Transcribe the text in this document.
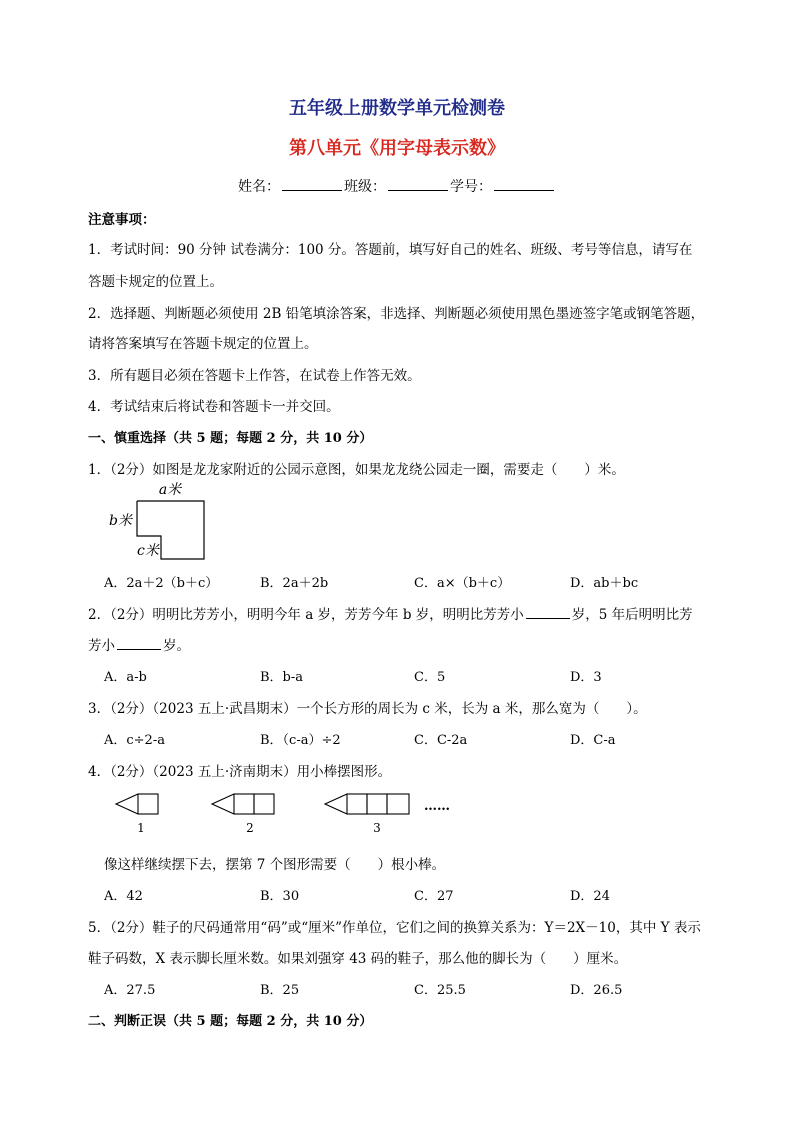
五年级上册数学单元检测卷
第八单元《用字母表示数》
姓名：	班级：	学号：
注意事项：
1．考试时间：90 分钟 试卷满分：100 分。答题前，填写好自己的姓名、班级、考号等信息，请写在
答题卡规定的位置上。
2．选择题、判断题必须使用 2B 铅笔填涂答案，非选择、判断题必须使用黑色墨迹签字笔或钢笔答题，
请将答案填写在答题卡规定的位置上。
3．所有题目必须在答题卡上作答，在试卷上作答无效。
4．考试结束后将试卷和答题卡一并交回。
一、慎重选择（共 5 题；每题 2 分，共 10 分）
1．（2分）如图是龙龙家附近的公园示意图，如果龙龙绕公园走一圈，需要走（　　）米。
a米
b米
c米
A．2a＋2（b＋c）	B．2a＋2b	C．a×（b＋c）	D．ab＋bc
2．（2分）明明比芳芳小，明明今年 a 岁，芳芳今年 b 岁，明明比芳芳小	岁，5 年后明明比芳
芳小	岁。
A．a-b	B．b-a	C．5	D．3
3．（2分）（2023 五上·武昌期末）一个长方形的周长为 c 米，长为 a 米，那么宽为（　　）。
A．c÷2-a	B．（c-a）÷2	C．C-2a	D．C-a
4．（2分）（2023 五上·济南期末）用小棒摆图形。
1	2	3
……
像这样继续摆下去，摆第 7 个图形需要（　　）根小棒。
A．42	B．30	C．27	D．24
5．（2分）鞋子的尺码通常用“码”或“厘米”作单位，它们之间的换算关系为：Y＝2X－10，其中 Y 表示
鞋子码数，X 表示脚长厘米数。如果刘强穿 43 码的鞋子，那么他的脚长为（　　）厘米。
A．27.5	B．25	C．25.5	D．26.5
二、判断正误（共 5 题；每题 2 分，共 10 分）
